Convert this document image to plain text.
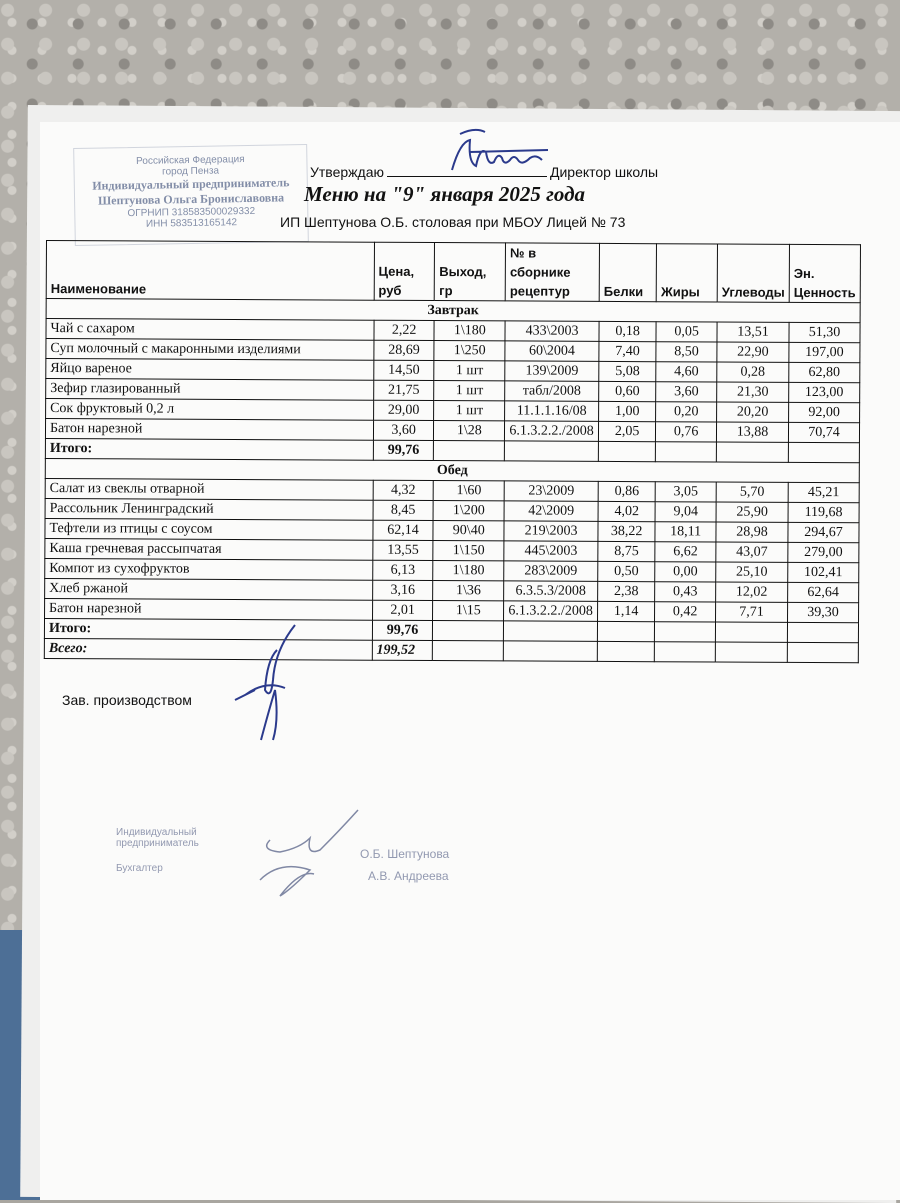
Российская Федерация
город Пенза
Индивидуальный предприниматель
Шептунова Ольга Брониславовна
ОГРНИП 318583500029332
ИНН 583513165142
Утверждаю	Директор школы
Меню на "9" января 2025 года
ИП Шептунова О.Б. столовая при МБОУ Лицей № 73
Наименование	Цена, руб	Выход, гр	№ в сборнике рецептур	Белки	Жиры	Углеводы	Эн. Ценность
Завтрак							
Чай с сахаром	2,22	1\180	433\2003	0,18	0,05	13,51	51,30
Суп молочный с макаронными изделиями	28,69	1\250	60\2004	7,40	8,50	22,90	197,00
Яйцо вареное	14,50	1 шт	139\2009	5,08	4,60	0,28	62,80
Зефир глазированный	21,75	1 шт	табл/2008	0,60	3,60	21,30	123,00
Сок фруктовый 0,2 л	29,00	1 шт	11.1.1.16/08	1,00	0,20	20,20	92,00
Батон нарезной	3,60	1\28	6.1.3.2.2./2008	2,05	0,76	13,88	70,74
Итого:	99,76						
Обед							
Салат из свеклы отварной	4,32	1\60	23\2009	0,86	3,05	5,70	45,21
Рассольник Ленинградский	8,45	1\200	42\2009	4,02	9,04	25,90	119,68
Тефтели из птицы с соусом	62,14	90\40	219\2003	38,22	18,11	28,98	294,67
Каша гречневая рассыпчатая	13,55	1\150	445\2003	8,75	6,62	43,07	279,00
Компот из сухофруктов	6,13	1\180	283\2009	0,50	0,00	25,10	102,41
Хлеб ржаной	3,16	1\36	6.3.5.3/2008	2,38	0,43	12,02	62,64
Батон нарезной	2,01	1\15	6.1.3.2.2./2008	1,14	0,42	7,71	39,30
Итого:	99,76						
Всего:	199,52						
Зав. производством
Индивидуальный
предприниматель
Бухгалтер
О.Б. Шептунова
А.В. Андреева
